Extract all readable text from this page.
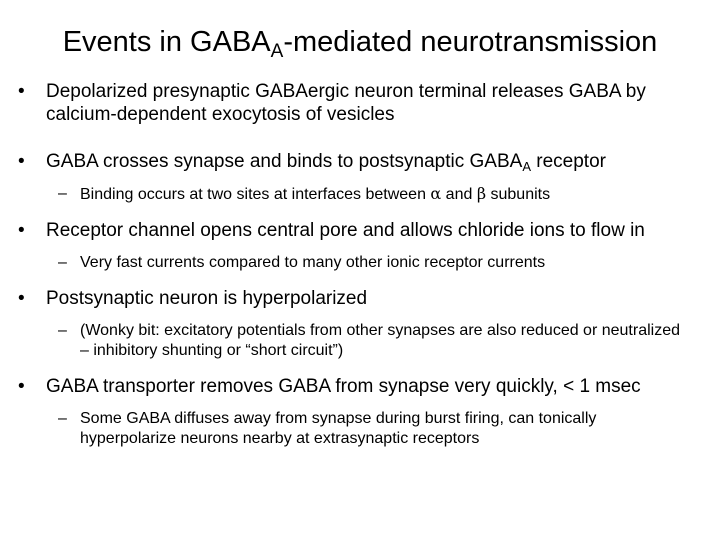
Events in $GABA_A$-mediated neurotransmission
• Depolarized presynaptic GABAergic neuron terminal releases GABA by calcium-dependent exocytosis of vesicles
• GABA crosses synapse and binds to postsynaptic $GABA_A$ receptor
– Binding occurs at two sites at interfaces between α and β subunits
• Receptor channel opens central pore and allows chloride ions to flow in
– Very fast currents compared to many other ionic receptor currents
• Postsynaptic neuron is hyperpolarized
– (Wonky bit: excitatory potentials from other synapses are also reduced or neutralized – inhibitory shunting or “short circuit”)
• GABA transporter removes GABA from synapse very quickly, < 1 msec
– Some GABA diffuses away from synapse during burst firing, can tonically hyperpolarize neurons nearby at extrasynaptic receptors
